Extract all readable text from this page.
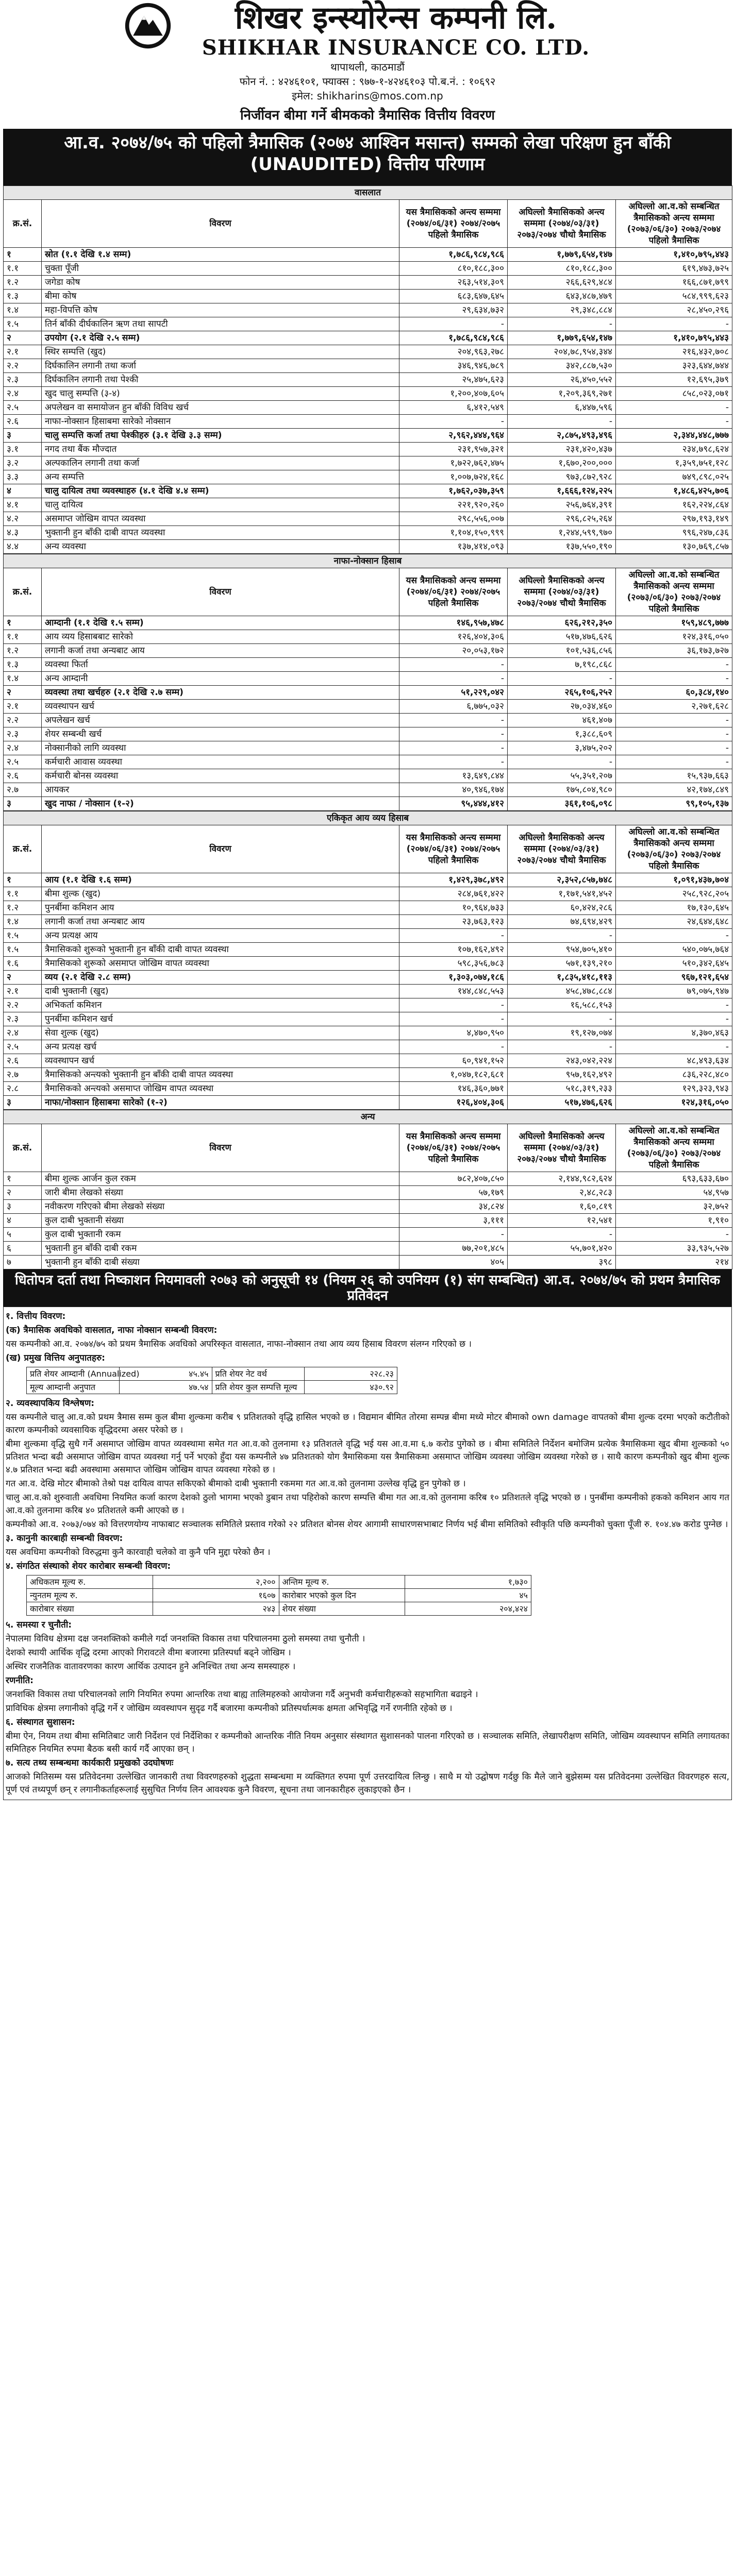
शिखर इन्स्योरेन्स कम्पनी लि.
SHIKHAR INSURANCE CO. LTD.
थापाथली, काठमाडौं
फोन नं. : ४२४६१०१, फ्याक्स : ९७७-१-४२४६१०३ पो.ब.नं. : १०६९२
इमेल: shikharins@mos.com.np
निर्जीवन बीमा गर्ने बीमकको त्रैमासिक वित्तीय विवरण
आ.व. २०७४/७५ को पहिलो त्रैमासिक (२०७४ आश्विन मसान्त) सम्मको लेखा परिक्षण हुन बाँकी (UNAUDITED) वित्तीय परिणाम
वासलात				
क्र.सं.	विवरण	यस त्रैमासिकको अन्त्य सम्ममा (२०७४/०६/३१) २०७४/२०७५ पहिलो त्रैमासिक	अघिल्लो त्रैमासिकको अन्त्य सम्ममा (२०७४/०३/३१) २०७३/२०७४ चौथो त्रैमासिक	अघिल्लो आ.व.को सम्बन्धित त्रैमासिकको अन्त्य सम्ममा (२०७३/०६/३०) २०७३/२०७४ पहिलो त्रैमासिक
१	स्रोत (१.१ देखि १.४ सम्म)	१,७८६,९८४,९८६	१,७७९,६५४,१४७	१,४१०,७९५,४४३
१.१	चुक्ता पूँजी	८१०,१८८,३००	८१०,१८८,३००	६१९,४७३,७२५
१.२	जगेडा कोष	२६३,५१४,३०९	२६६,६२९,४८४	१६६,८७१,७९९
१.३	बीमा कोष	६८३,६४७,६४५	६४३,४८७,४७९	५८४,९९९,६२३
१.४	महा-विपत्ति कोष	२९,६३४,७३२	२९,३४८,८८४	२८,४५०,२९६
१.५	तिर्न बाँकी दीर्घकालिन ऋण तथा सापटी	-	-	-
२	उपयोग (२.१ देखि २.५ सम्म)	१,७८६,९८४,९८६	१,७७९,६५४,१४७	१,४१०,७९५,४४३
२.१	स्थिर सम्पत्ति (खुद)	२०४,९६३,२७८	२०४,७८,९५४,३४४	२१६,४३२,७०८
२.२	दिर्घकालिन लगानी तथा कर्जा	३४६,९४६,७८९	३४२,८८७,५३०	३२३,६४४,७४४
२.३	दिर्घकालिन लगानी तथा पेश्की	२५,४७५,६२३	२६,४५०,५५२	१२,६९५,३७९
२.४	खुद चालु सम्पत्ति (३-४)	१,२००,४०७,६०५	१,२०९,३६९,२७१	८५८,०२३,०७१
२.५	अपलेखन वा समायोजन हुन बाँकी विविध खर्च	६,४१२,५४९	६,४४७,५९६	-
२.६	नाफा-नोक्सान हिसाबमा सारेको नोक्सान	-	-	-
३	चालु सम्पत्ति कर्जा तथा पेश्कीहरु (३.१ देखि ३.३ सम्म)	२,९६२,४४४,९६४	२,८७५,४९३,४९६	२,३४४,४४८,७७७
३.१	नगद तथा बैंक मौज्दात	२३१,९५७,३२१	२३१,४२०,४३७	२३४,७९८,६२४
३.२	अल्पकालिन लगानी तथा कर्जा	१,७२२,७६२,४७५	१,६७०,२००,०००	१,३५९,७५१,१२८
३.३	अन्य सम्पत्ति	१,००७,७२४,१६८	९७३,८७२,९२८	७४९,८९८,०२५
४	चालु दायित्व तथा व्यवस्थाहरु (४.१ देखि ४.४ सम्म)	१,७६२,०३७,३५९	१,६६६,१२४,२२५	१,४८६,४२५,७०६
४.१	चालु दायित्व	२२१,९२०,२६०	२५६,७६४,३९१	१६२,२२४,८६४
४.२	असमाप्त जोखिम वापत व्यवस्था	२९८,५५६,००७	२९६,८२५,२६४	२९७,१९३,१४९
४.३	भुक्तानी हुन बाँकी दाबी वापत व्यवस्था	१,१०४,१५०,९९९	१,२४४,५९९,९७०	९९६,२४७,८३६
४.४	अन्य व्यवस्था	१३७,४१४,०९३	१३७,५५०,१९०	१३०,७६९,८५७
नाफा-नोक्सान हिसाब				
क्र.सं.	विवरण	यस त्रैमासिकको अन्त्य सम्ममा (२०७४/०६/३१) २०७४/२०७५ पहिलो त्रैमासिक	अघिल्लो त्रैमासिकको अन्त्य सम्ममा (२०७४/०३/३१) २०७३/२०७४ चौथो त्रैमासिक	अघिल्लो आ.व.को सम्बन्धित त्रैमासिकको अन्त्य सम्ममा (२०७३/०६/३०) २०७३/२०७४ पहिलो त्रैमासिक
१	आम्दानी (१.१ देखि १.५ सम्म)	१४६,९५७,४७८	६२६,२१२,३५०	१५९,४८९,७७७
१.१	आय व्यय हिसाबबाट सारेको	१२६,४०४,३०६	५१७,४७६,६२६	१२४,३१६,०५०
१.२	लगानी कर्जा तथा अन्यबाट आय	२०,०५३,१७२	१०१,५३६,८५६	३६,१७३,७२७
१.३	व्यवस्था फिर्ता	-	७,१९८,८६८	-
१.४	अन्य आम्दानी	-	-	-
२	व्यवस्था तथा खर्चहरु (२.१ देखि २.७ सम्म)	५१,२२९,०४२	२६५,१०६,२५२	६०,३८४,१४०
२.१	व्यवस्थापन खर्च	६,७७५,०३२	२७,०३४,४६०	२,२७१,६२८
२.२	अपलेखन खर्च	-	४६१,४०७	-
२.३	शेयर सम्बन्धी खर्च	-	१,३८८,६०९	-
२.४	नोक्सानीको लागि व्यवस्था	-	३,४७५,२०२	-
२.५	कर्मचारी आवास व्यवस्था	-	-	-
२.६	कर्मचारी बोनस व्यवस्था	१३,६४९,८४४	५५,३५१,२०७	१५,९३७,६६३
२.७	आयकर	४०,९४६,१७४	१७५,८०४,९८०	४२,१७४,८४९
३	खुद नाफा / नोक्सान (१-२)	९५,४४४,४१२	३६१,१०६,०९८	९९,१०५,१३७
एकिकृत आय व्यय हिसाब				
क्र.सं.	विवरण	यस त्रैमासिकको अन्त्य सम्ममा (२०७४/०६/३१) २०७४/२०७५ पहिलो त्रैमासिक	अघिल्लो त्रैमासिकको अन्त्य सम्ममा (२०७४/०३/३१) २०७३/२०७४ चौथो त्रैमासिक	अघिल्लो आ.व.को सम्बन्धित त्रैमासिकको अन्त्य सम्ममा (२०७३/०६/३०) २०७३/२०७४ पहिलो त्रैमासिक
१	आय (१.१ देखि १.६ सम्म)	१,४२९,३७८,४९२	२,३५२,८५७,७४८	१,०९१,४३७,७०४
१.१	बीमा शुल्क (खुद)	२८४,७६१,४२२	१,१७१,५४१,४५२	२५८,९२८,२०५
१.२	पुनर्बीमा कमिशन आय	१०,९६४,७३३	६०,४२४,२८६	१७,१३०,६४५
१.४	लगानी कर्जा तथा अन्यबाट आय	२३,७६३,१२३	७४,६९४,४२९	२४,६४४,६४८
१.५	अन्य प्रत्यक्ष आय	-	-	-
१.५	त्रैमासिकको शुरूको भुक्तानी हुन बाँकी दाबी वापत व्यवस्था	१०७,१६२,४९२	९५४,७०५,४१०	५४०,०७५,७६४
१.६	त्रैमासिकको शुरूको असमाप्त जोखिम वापत व्यवस्था	५९८,३५६,७८३	५७१,१३९,२१०	५१०,३४२,६४५
२	व्यय (२.१ देखि २.८ सम्म)	१,३०३,०७४,१८६	१,८३५,४१८,११३	९६७,१२१,६५४
२.१	दाबी भुक्तानी (खुद)	१४४,८४८,५५३	४५८,४७८,८८४	७९,०७५,९४७
२.२	अभिकर्ता कमिशन	-	१६,५८८,१५३	-
२.३	पुनर्बीमा कमिशन खर्च	-	-	-
२.४	सेवा शुल्क (खुद)	४,४७०,९५०	१९,१२७,०७४	४,३७०,४६३
२.५	अन्य प्रत्यक्ष खर्च	-	-	-
२.६	व्यवस्थापन खर्च	६०,९४१,१५२	२४३,०४२,२२४	४८,४९३,६३४
२.७	त्रैमासिकको अन्त्यको भुक्तानी हुन बाँकी दाबी वापत व्यवस्था	१,०४७,१८२,६८१	९५७,१६२,४९२	८३६,२२८,४८०
२.८	त्रैमासिकको अन्त्यको असमाप्त जोखिम वापत व्यवस्था	१४६,३६०,७७१	५१८,३१९,२३३	१२९,३२३,९४३
३	नाफा/नोक्सान हिसाबमा सारेको (१-२)	१२६,४०४,३०६	५१७,४७६,६२६	१२४,३१६,०५०
अन्य				
क्र.सं.	विवरण	यस त्रैमासिकको अन्त्य सम्ममा (२०७४/०६/३१) २०७४/२०७५ पहिलो त्रैमासिक	अघिल्लो त्रैमासिकको अन्त्य सम्ममा (२०७४/०३/३१) २०७३/२०७४ चौथो त्रैमासिक	अघिल्लो आ.व.को सम्बन्धित त्रैमासिकको अन्त्य सम्ममा (२०७३/०६/३०) २०७३/२०७४ पहिलो त्रैमासिक
१	बीमा शुल्क आर्जन कुल रकम	७८२,४०७,८५०	२,१४४,९८२,६२४	६९३,६३३,६७०
२	जारी बीमा लेखको संख्या	५७,१७९	२,४८,२८३	५४,९५७
३	नवीकरण गरिएको बीमा लेखको संख्या	३४,८२४	१,६०,८१९	३२,७५२
४	कुल दाबी भुक्तानी संख्या	३,१११	१२,५४१	१,९१०
५	कुल दाबी भुक्तानी रकम	-	-	-
६	भुक्तानी हुन बाँकी दाबी रकम	७७,२०१,४८५	५५,७०१,४२०	३३,९३५,५२७
७	भुक्तानी हुन बाँकी दाबी संख्या	४०५	३९८	२१४
धितोपत्र दर्ता तथा निष्काशन नियमावली २०७३ को अनुसूची १४ (नियम २६ को उपनियम (१) संग सम्बन्धित) आ.व. २०७४/७५ को प्रथम त्रैमासिक प्रतिवेदन

१. वित्तीय विवरण:

(क) त्रैमासिक अवधिको वासलात, नाफा नोक्सान सम्बन्धी विवरण:

यस कम्पनीको आ.व. २०७४/७५ को प्रथम त्रैमासिक अवधिको अपरिस्कृत वासलात, नाफा-नोक्सान तथा आय व्यय हिसाब विवरण संलग्न गरिएको छ ।

(ख) प्रमुख वित्तिय अनुपातहरु:

प्रति शेयर आम्दानी (Annualized)	४५.४५	प्रति शेयर नेट वर्थ	२२८.२३
मूल्य आम्दानी अनुपात	४७.५४	प्रति शेयर कुल सम्पत्ति मूल्य	४३०.९२

२. व्यवस्थापकिय विश्लेषण:

यस कम्पनीले चालु आ.व.को प्रथम त्रैमास सम्म कुल बीमा शुल्कमा करीब ९ प्रतिशतको वृद्धि हासिल भएको छ । विद्यमान बीमित तोरमा सम्पन्न बीमा मध्ये मोटर बीमाको own damage वापतको बीमा शुल्क दरमा भएको कटौतीको कारण कम्पनीको व्यवसायिक वृद्धिदरमा असर परेको छ ।

बीमा शुल्कमा वृद्धि सुधै गर्ने असमाप्त जोखिम वापत व्यवस्थामा समेत गत आ.व.को तुलनामा १३ प्रतिशतले वृद्धि भई यस आ.व.मा ६.७ करोड पुगेको छ । बीमा समितिले निर्देशन बमोजिम प्रत्येक त्रैमासिकमा खुद बीमा शुल्कको ५० प्रतिशत भन्दा बढी असमाप्त जोखिम वापत व्यवस्था गर्नु पर्ने भएको हुँदा यस कम्पनीले ४७ प्रतिशतको योग त्रैमासिकमा यस त्रैमासिकमा असमाप्त जोखिम व्यवस्था जोखिम व्यवस्था गरेको छ । साथै कारण कम्पनीको खुद बीमा शुल्क ४.७ प्रतिशत भन्दा बढी अवस्थामा असमाप्त जोखिम जोखिम वापत व्यवस्था गरेको छ ।

गत आ.व. देखि मोटर बीमाको तेश्रो पक्ष दायित्व वापत सकिएको बीमाको दाबी भुक्तानी रकममा गत आ.व.को तुलनामा उल्लेख वृद्धि हुन पुगेको छ ।

चालु आ.व.को शुरुवाती अवधिमा नियमित कर्जा कारण देशको ठुलो भागमा भएको डुबान तथा पहिरोको कारण सम्पत्ति बीमा गत आ.व.को तुलनामा करिब १० प्रतिशतले वृद्धि भएको छ । पुनर्बीमा कम्पनीको हकको कमिशन आय गत आ.व.को तुलनामा करिब ४० प्रतिशतले कमी आएको छ ।

कम्पनीको आ.व. २०७३/०७४ को वित्तरणयोग्य नाफाबाट सञ्चालक समितिले प्रस्ताव गरेको २२ प्रतिशत बोनस शेयर आगामी साधारणसभाबाट निर्णय भई बीमा समितिको स्वीकृति पछि कम्पनीको चुक्ता पूँजी रु. १०४.४७ करोड पुग्नेछ ।

३. कानुनी कारबाही सम्बन्धी विवरण:

यस अवधिमा कम्पनीको विरुद्धमा कुनै कारवाही चलेको वा कुनै पनि मुद्दा परेको छैन ।

४. संगठित संस्थाको शेयर कारोबार सम्बन्धी विवरण:

अधिकतम मूल्य रु.	२,२००	अन्तिम मूल्य रु.	१,७३०
न्युनतम मूल्य रु.	१६०७	कारोबार भएको कुल दिन	४५
कारोबार संख्या	२४३	शेयर संख्या	२०४,४२४

५. समस्या र चुनौती:

नेपालमा विविध क्षेत्रमा दक्ष जनशक्तिको कमीले गर्दा जनशक्ति विकास तथा परिचालनमा ठुलो समस्या तथा चुनौती ।

देशको स्थायी आर्थिक वृद्धि दरमा आएको गिरावटले वीमा बजारमा प्रतिस्पर्धा बढ्ने जोखिम ।

अस्थिर राजनैतिक वातावरणका कारण आर्थिक उत्पादन हुने अनिश्चित तथा अन्य समस्याहरु ।

रणनीति:

जनशक्ति विकास तथा परिचालनको लागि नियमित रुपमा आन्तरिक तथा बाह्य तालिमहरुको आयोजना गर्दै अनुभवी कर्मचारीहरूको सहभागिता बढाइने ।

प्राविधिक क्षेत्रमा लगानीको वृद्धि गर्ने र जोखिम व्यवस्थापन सुदृढ गर्दै बजारमा कम्पनीको प्रतिस्पर्धात्मक क्षमता अभिवृद्धि गर्ने रणनीति रहेको छ ।

६. संस्थागत सुशासन:

बीमा ऐन, नियम तथा बीमा समितिबाट जारी निर्देशन एवं निर्देशिका र कम्पनीको आन्तरिक नीति नियम अनुसार संस्थागत सुशासनको पालना गरिएको छ । सञ्चालक समिति, लेखापरीक्षण समिति, जोखिम व्यवस्थापन समिति लगायतका समितिहरु नियमित रुपमा बैठक बसी कार्य गर्दै आएका छन् ।

७. सत्य तथ्य सम्बन्धमा कार्यकारी प्रमुखको उदघोषणः

आजको मितिसम्म यस प्रतिवेदनमा उल्लेखित जानकारी तथा विवरणहरुको शुद्धता सम्बन्धमा म व्यक्तिगत रुपमा पूर्ण उत्तरदायित्व लिन्छु । साथै म यो उद्घोषण गर्दछु कि मैले जाने बुझेसम्म यस प्रतिवेदनमा उल्लेखित विवरणहरु सत्य, पूर्ण एवं तथ्यपूर्ण छन् र लगानीकर्ताहरूलाई सुसुचित निर्णय लिन आवश्यक कुनै विवरण, सूचना तथा जानकारीहरु लुकाइएको छैन ।
